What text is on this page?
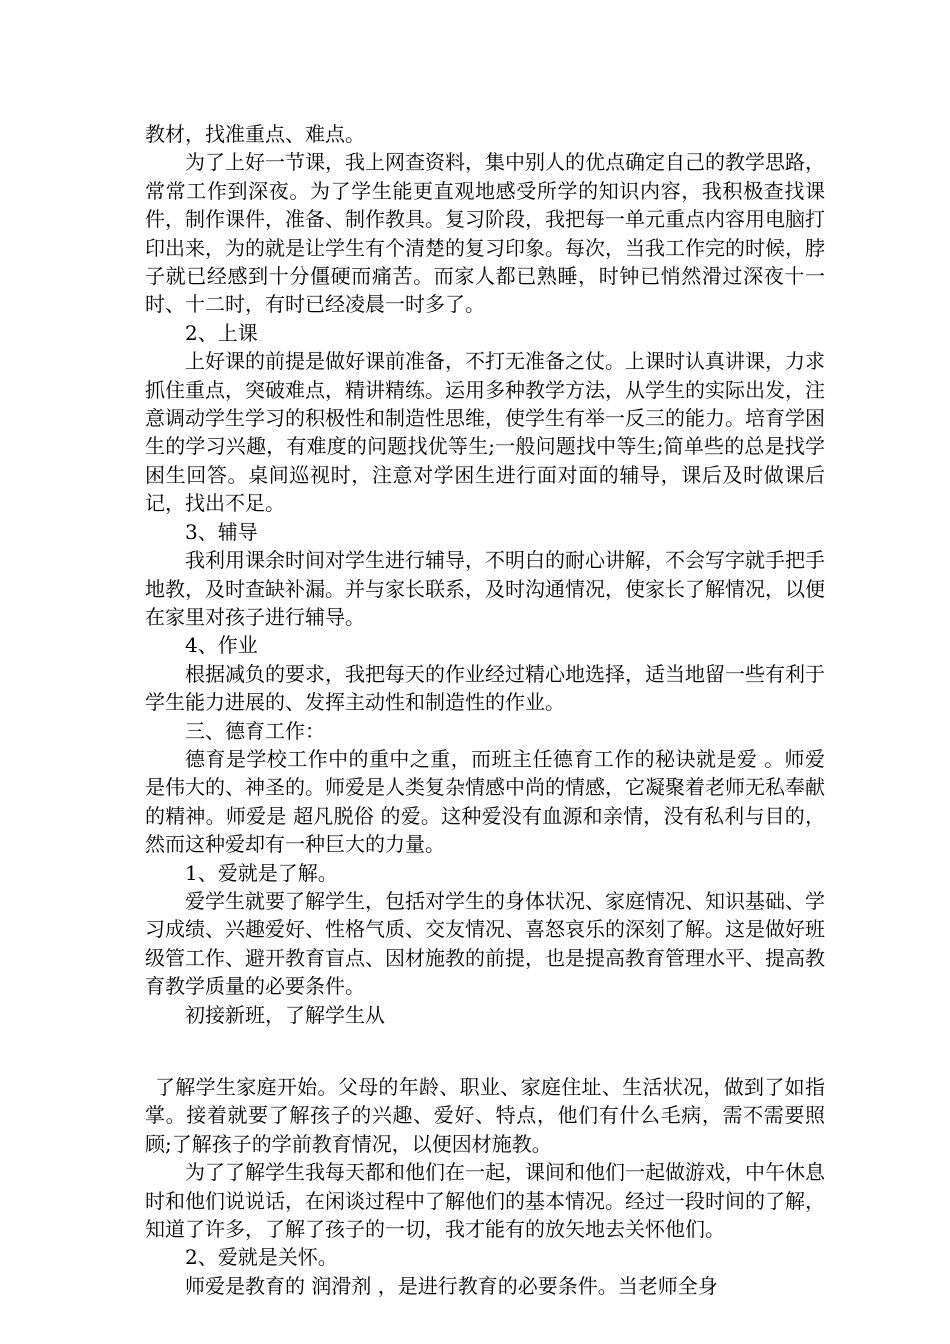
教材，找准重点、难点。

为了上好一节课，我上网查资料，集中别人的优点确定自己的教学思路，常常工作到深夜。为了学生能更直观地感受所学的知识内容，我积极查找课件，制作课件，准备、制作教具。复习阶段，我把每一单元重点内容用电脑打印出来，为的就是让学生有个清楚的复习印象。每次，当我工作完的时候，脖子就已经感到十分僵硬而痛苦。而家人都已熟睡，时钟已悄然滑过深夜十一时、十二时，有时已经凌晨一时多了。

2、上课

上好课的前提是做好课前准备，不打无准备之仗。上课时认真讲课，力求抓住重点，突破难点，精讲精练。运用多种教学方法，从学生的实际出发，注意调动学生学习的积极性和制造性思维，使学生有举一反三的能力。培育学困生的学习兴趣，有难度的问题找优等生;一般问题找中等生;简单些的总是找学困生回答。桌间巡视时，注意对学困生进行面对面的辅导，课后及时做课后记，找出不足。

3、辅导

我利用课余时间对学生进行辅导，不明白的耐心讲解，不会写字就手把手地教，及时查缺补漏。并与家长联系，及时沟通情况，使家长了解情况，以便在家里对孩子进行辅导。

4、作业

根据减负的要求，我把每天的作业经过精心地选择，适当地留一些有利于学生能力进展的、发挥主动性和制造性的作业。

三、德育工作：

德育是学校工作中的重中之重，而班主任德育工作的秘诀就是爱 。师爱是伟大的、神圣的。师爱是人类复杂情感中尚的情感，它凝聚着老师无私奉献的精神。师爱是 超凡脱俗 的爱。这种爱没有血源和亲情，没有私利与目的，然而这种爱却有一种巨大的力量。

1、爱就是了解。

爱学生就要了解学生，包括对学生的身体状况、家庭情况、知识基础、学习成绩、兴趣爱好、性格气质、交友情况、喜怒哀乐的深刻了解。这是做好班级管工作、避开教育盲点、因材施教的前提，也是提高教育管理水平、提高教育教学质量的必要条件。

初接新班，了解学生从

了解学生家庭开始。父母的年龄、职业、家庭住址、生活状况，做到了如指掌。接着就要了解孩子的兴趣、爱好、特点，他们有什么毛病，需不需要照顾;了解孩子的学前教育情况，以便因材施教。

为了了解学生我每天都和他们在一起，课间和他们一起做游戏，中午休息时和他们说说话，在闲谈过程中了解他们的基本情况。经过一段时间的了解，知道了许多，了解了孩子的一切，我才能有的放矢地去关怀他们。

2、爱就是关怀。

师爱是教育的 润滑剂 ，是进行教育的必要条件。当老师全身
